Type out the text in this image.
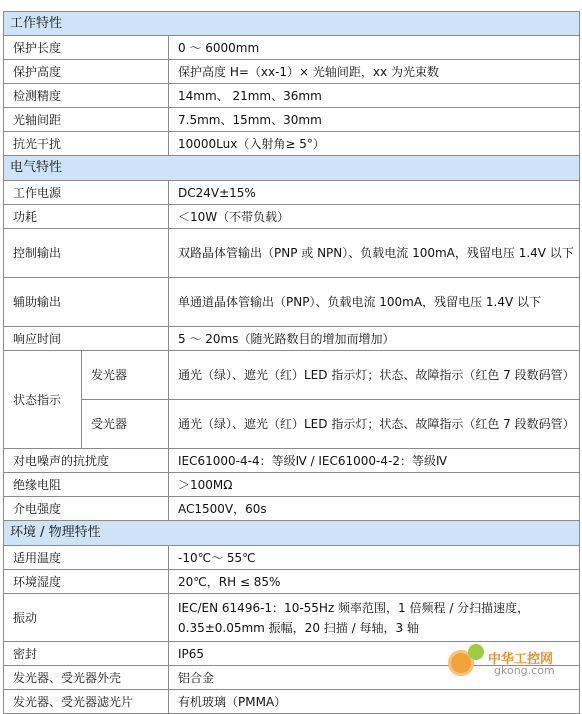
工作特性		
保护长度		0 ～ 6000mm
保护高度		保护高度 H=（xx-1）× 光轴间距，xx 为光束数
检测精度		14mm、 21mm、36mm
光轴间距		7.5mm、15mm、30mm
抗光干扰		10000Lux（入射角≥ 5°）
电气特性		
工作电源		DC24V±15%
功耗		＜10W（不带负载）
控制输出		双路晶体管输出（PNP 或 NPN）、负载电流 100mA，残留电压 1.4V 以下
辅助输出		单通道晶体管输出（PNP）、负载电流 100mA，残留电压 1.4V 以下
响应时间		5 ～ 20ms（随光路数目的增加而增加）
状态指示	发光器	通光（绿）、遮光（红）LED 指示灯；状态、故障指示（红色 7 段数码管）
	受光器	通光（绿）、遮光（红）LED 指示灯；状态、故障指示（红色 7 段数码管）
对电噪声的抗扰度		IEC61000-4-4：等级Ⅳ / IEC61000-4-2：等级Ⅳ
绝缘电阻		＞100MΩ
介电强度		AC1500V，60s
环境 / 物理特性		
适用温度		-10℃～ 55℃
环境湿度		20℃，RH ≤ 85%
振动		IEC/EN 61496-1：10-55Hz 频率范围，1 倍频程 / 分扫描速度，0.35±0.05mm 振幅，20 扫描 / 每轴，3 轴
密封		IP65
发光器、受光器外壳		铝合金
发光器、受光器滤光片		有机玻璃（PMMA）
中华工控网
gkong.com
